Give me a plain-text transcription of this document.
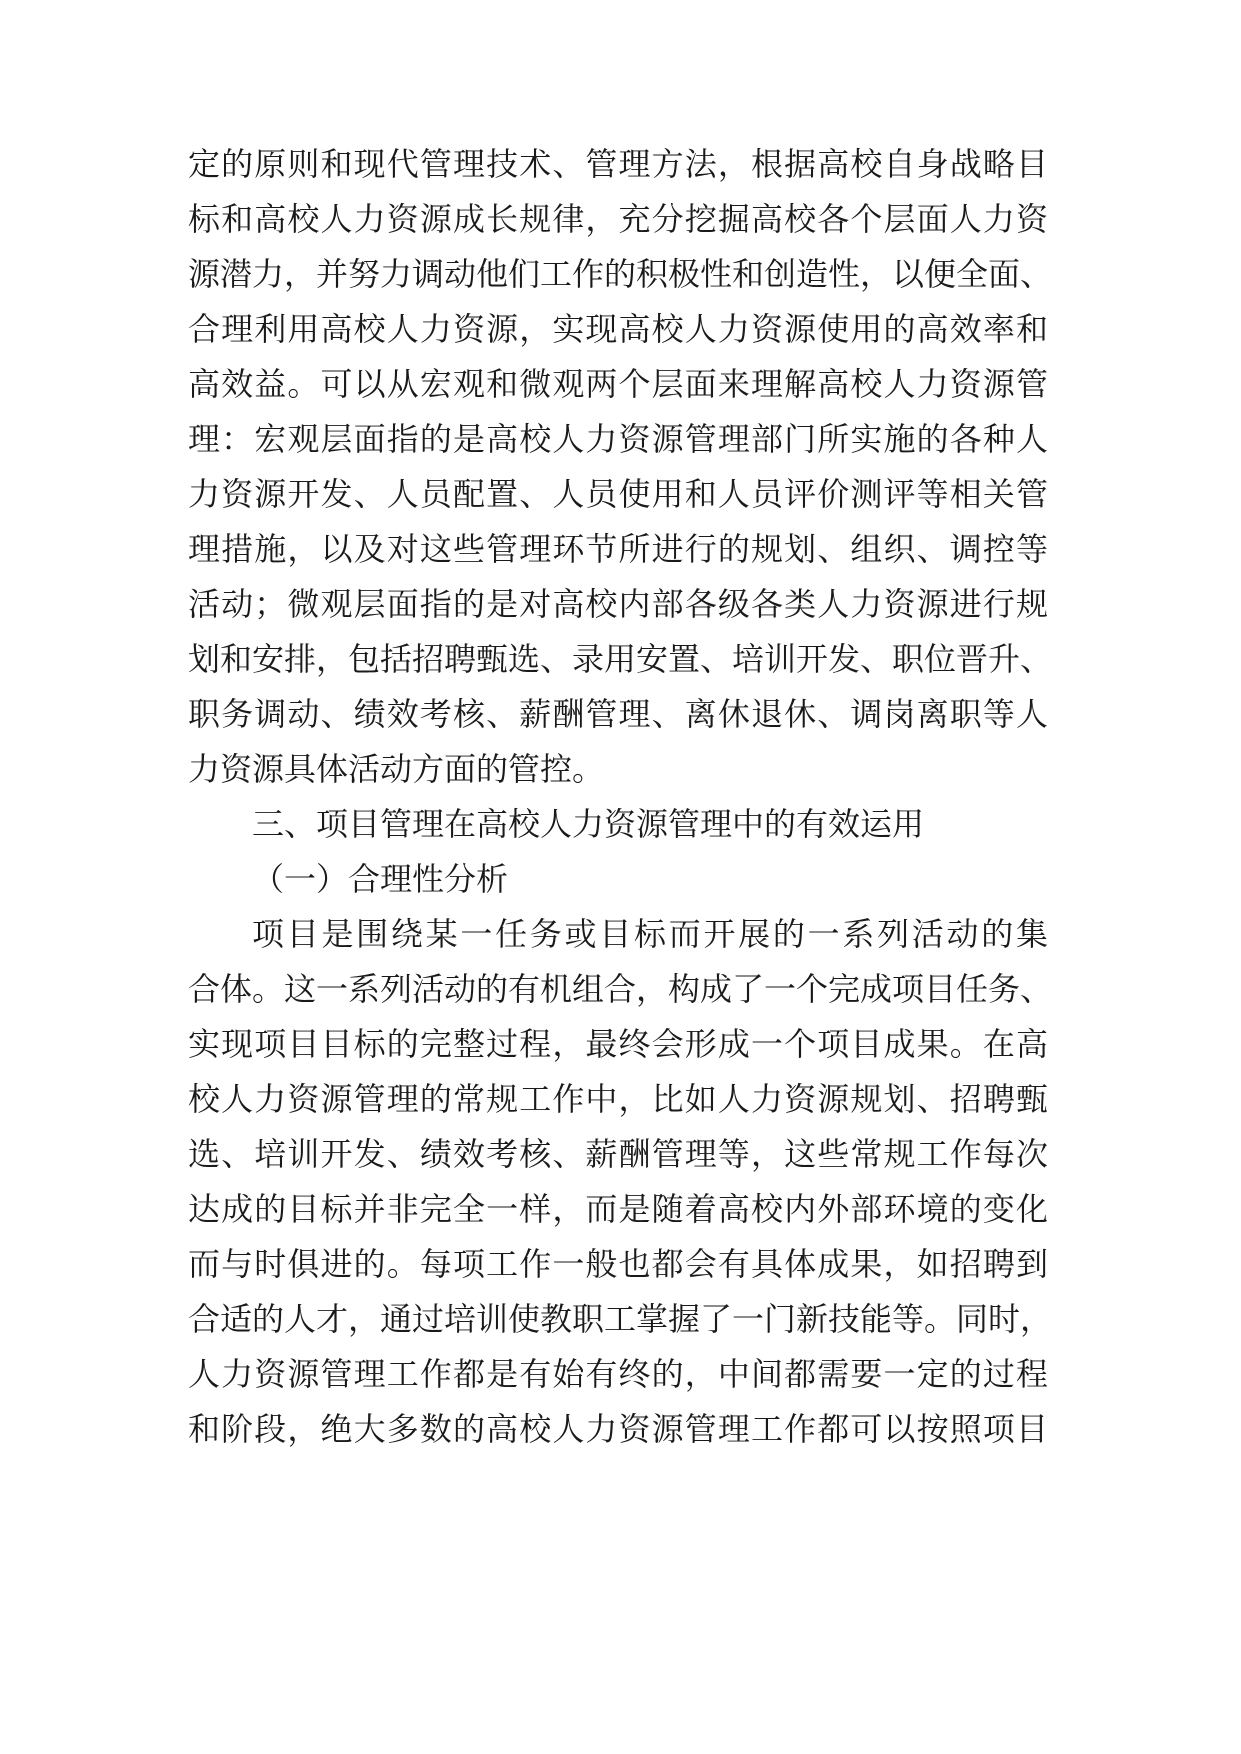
定的原则和现代管理技术、管理方法，根据高校自身战略目
标和高校人力资源成长规律，充分挖掘高校各个层面人力资
源潜力，并努力调动他们工作的积极性和创造性，以便全面、
合理利用高校人力资源，实现高校人力资源使用的高效率和
高效益。可以从宏观和微观两个层面来理解高校人力资源管
理：宏观层面指的是高校人力资源管理部门所实施的各种人
力资源开发、人员配置、人员使用和人员评价测评等相关管
理措施，以及对这些管理环节所进行的规划、组织、调控等
活动；微观层面指的是对高校内部各级各类人力资源进行规
划和安排，包括招聘甄选、录用安置、培训开发、职位晋升、
职务调动、绩效考核、薪酬管理、离休退休、调岗离职等人
力资源具体活动方面的管控。
三、项目管理在高校人力资源管理中的有效运用
（一）合理性分析
项目是围绕某一任务或目标而开展的一系列活动的集
合体。这一系列活动的有机组合，构成了一个完成项目任务、
实现项目目标的完整过程，最终会形成一个项目成果。在高
校人力资源管理的常规工作中，比如人力资源规划、招聘甄
选、培训开发、绩效考核、薪酬管理等，这些常规工作每次
达成的目标并非完全一样，而是随着高校内外部环境的变化
而与时俱进的。每项工作一般也都会有具体成果，如招聘到
合适的人才，通过培训使教职工掌握了一门新技能等。同时，
人力资源管理工作都是有始有终的，中间都需要一定的过程
和阶段，绝大多数的高校人力资源管理工作都可以按照项目
